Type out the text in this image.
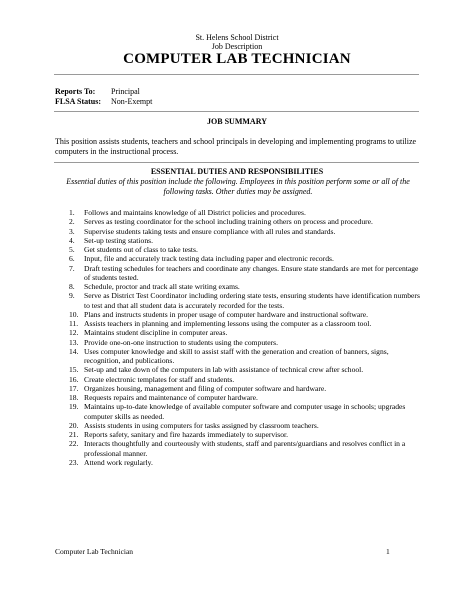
St. Helens School District
Job Description
COMPUTER LAB TECHNICIAN
Reports To: Principal
FLSA Status: Non-Exempt
JOB SUMMARY
This position assists students, teachers and school principals in developing and implementing programs to utilize computers in the instructional process.
ESSENTIAL DUTIES AND RESPONSIBILITIES
Essential duties of this position include the following. Employees in this position perform some or all of the following tasks. Other duties may be assigned.
1. Follows and maintains knowledge of all District policies and procedures.
2. Serves as testing coordinator for the school including training others on process and procedure.
3. Supervise students taking tests and ensure compliance with all rules and standards.
4. Set-up testing stations.
5. Get students out of class to take tests.
6. Input, file and accurately track testing data including paper and electronic records.
7. Draft testing schedules for teachers and coordinate any changes. Ensure state standards are met for percentage of students tested.
8. Schedule, proctor and track all state writing exams.
9. Serve as District Test Coordinator including ordering state tests, ensuring students have identification numbers to test and that all student data is accurately recorded for the tests.
10. Plans and instructs students in proper usage of computer hardware and instructional software.
11. Assists teachers in planning and implementing lessons using the computer as a classroom tool.
12. Maintains student discipline in computer areas.
13. Provide one-on-one instruction to students using the computers.
14. Uses computer knowledge and skill to assist staff with the generation and creation of banners, signs, recognition, and publications.
15. Set-up and take down of the computers in lab with assistance of technical crew after school.
16. Create electronic templates for staff and students.
17. Organizes housing, management and filing of computer software and hardware.
18. Requests repairs and maintenance of computer hardware.
19. Maintains up-to-date knowledge of available computer software and computer usage in schools; upgrades computer skills as needed.
20. Assists students in using computers for tasks assigned by classroom teachers.
21. Reports safety, sanitary and fire hazards immediately to supervisor.
22. Interacts thoughtfully and courteously with students, staff and parents/guardians and resolves conflict in a professional manner.
23. Attend work regularly.
Computer Lab Technician	1
